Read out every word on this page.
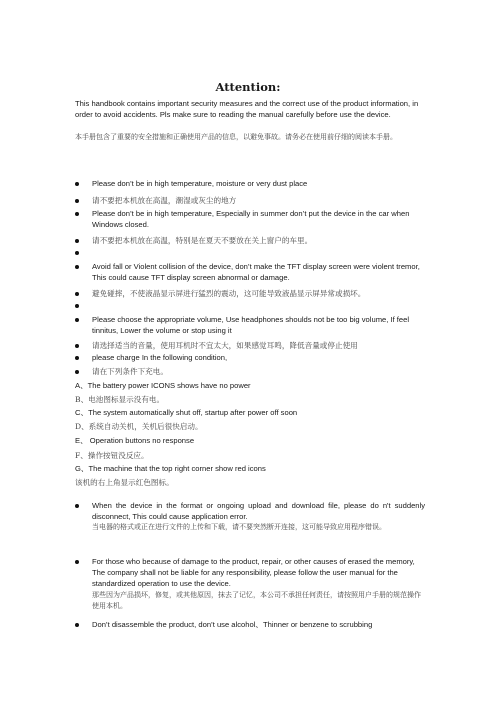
Attention:
This handbook contains important security measures and the correct use of the product information, in order to avoid accidents. Pls make sure to reading the manual carefully before use the device.
本手册包含了重要的安全措施和正确使用产品的信息，以避免事故。请务必在使用前仔细的阅读本手册。
Please don’t be in high temperature, moisture or very dust place
请不要把本机放在高温，潮湿或灰尘的地方
Please don’t be in high temperature, Especially in summer don’t put the device in the car when Windows closed.
请不要把本机放在高温，特别是在夏天不要放在关上窗户的车里。
Avoid fall or Violent collision of the device, don’t make the TFT display screen were violent tremor, This could cause TFT display screen abnormal or damage.
避免碰摔，不使液晶显示屏进行猛烈的震动，这可能导致液晶显示屏异常或损坏。
Please choose the appropriate volume, Use headphones shoulds not be too big volume, If feel tinnitus, Lower the volume or stop using it
请选择适当的音量，使用耳机时不宜太大，如果感觉耳鸣，降低音量或停止使用
please charge In the following condition,
请在下列条件下充电。
A、The battery power ICONS shows have no power
B、电池图标显示没有电。
C、The system automatically shut off, startup after power off soon
D、系统自动关机，关机后很快启动。
E、 Operation buttons no response
F、操作按钮没反应。
G、The machine that the top right corner show red icons
该机的右上角显示红色图标。
When the device in the format or ongoing upload and download file, please do n't suddenly disconnect, This could cause application error.
当电器的格式或正在进行文件的上传和下载，请不要突然断开连接，这可能导致应用程序错误。
For those who because of damage to the product, repair, or other causes of erased the memory, The company shall not be liable for any responsibility, please follow the user manual for the standardized operation to use the device.
那些因为产品损坏，修复，或其他原因，抹去了记忆，本公司不承担任何责任，请按照用户手册的规范操作使用本机。
Don’t disassemble the product, don’t use alcohol、Thinner or benzene to scrubbing
